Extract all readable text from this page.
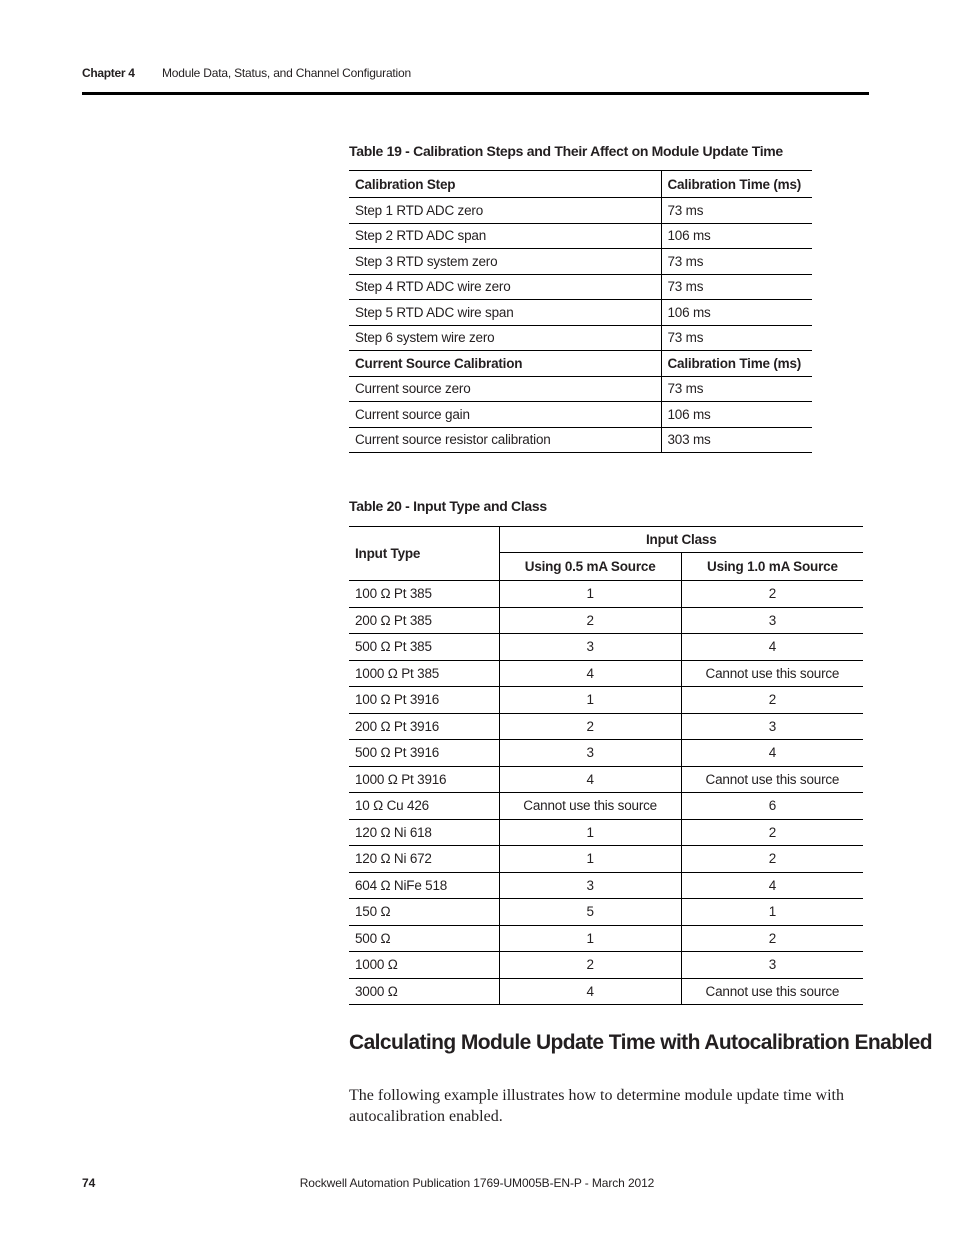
Chapter 4 Module Data, Status, and Channel Configuration
Table 19 - Calibration Steps and Their Affect on Module Update Time
Calibration Step	Calibration Time (ms)
Step 1 RTD ADC zero	73 ms
Step 2 RTD ADC span	106 ms
Step 3 RTD system zero	73 ms
Step 4 RTD ADC wire zero	73 ms
Step 5 RTD ADC wire span	106 ms
Step 6 system wire zero	73 ms
Current Source Calibration	Calibration Time (ms)
Current source zero	73 ms
Current source gain	106 ms
Current source resistor calibration	303 ms
Table 20 - Input Type and Class
Input Type	Input Class	
	Using 0.5 mA Source	Using 1.0 mA Source
100 Ω Pt 385	1	2
200 Ω Pt 385	2	3
500 Ω Pt 385	3	4
1000 Ω Pt 385	4	Cannot use this source
100 Ω Pt 3916	1	2
200 Ω Pt 3916	2	3
500 Ω Pt 3916	3	4
1000 Ω Pt 3916	4	Cannot use this source
10 Ω Cu 426	Cannot use this source	6
120 Ω Ni 618	1	2
120 Ω Ni 672	1	2
604 Ω NiFe 518	3	4
150 Ω	5	1
500 Ω	1	2
1000 Ω	2	3
3000 Ω	4	Cannot use this source
Calculating Module Update Time with Autocalibration Enabled
The following example illustrates how to determine module update time with autocalibration enabled.
74	Rockwell Automation Publication 1769-UM005B-EN-P - March 2012
